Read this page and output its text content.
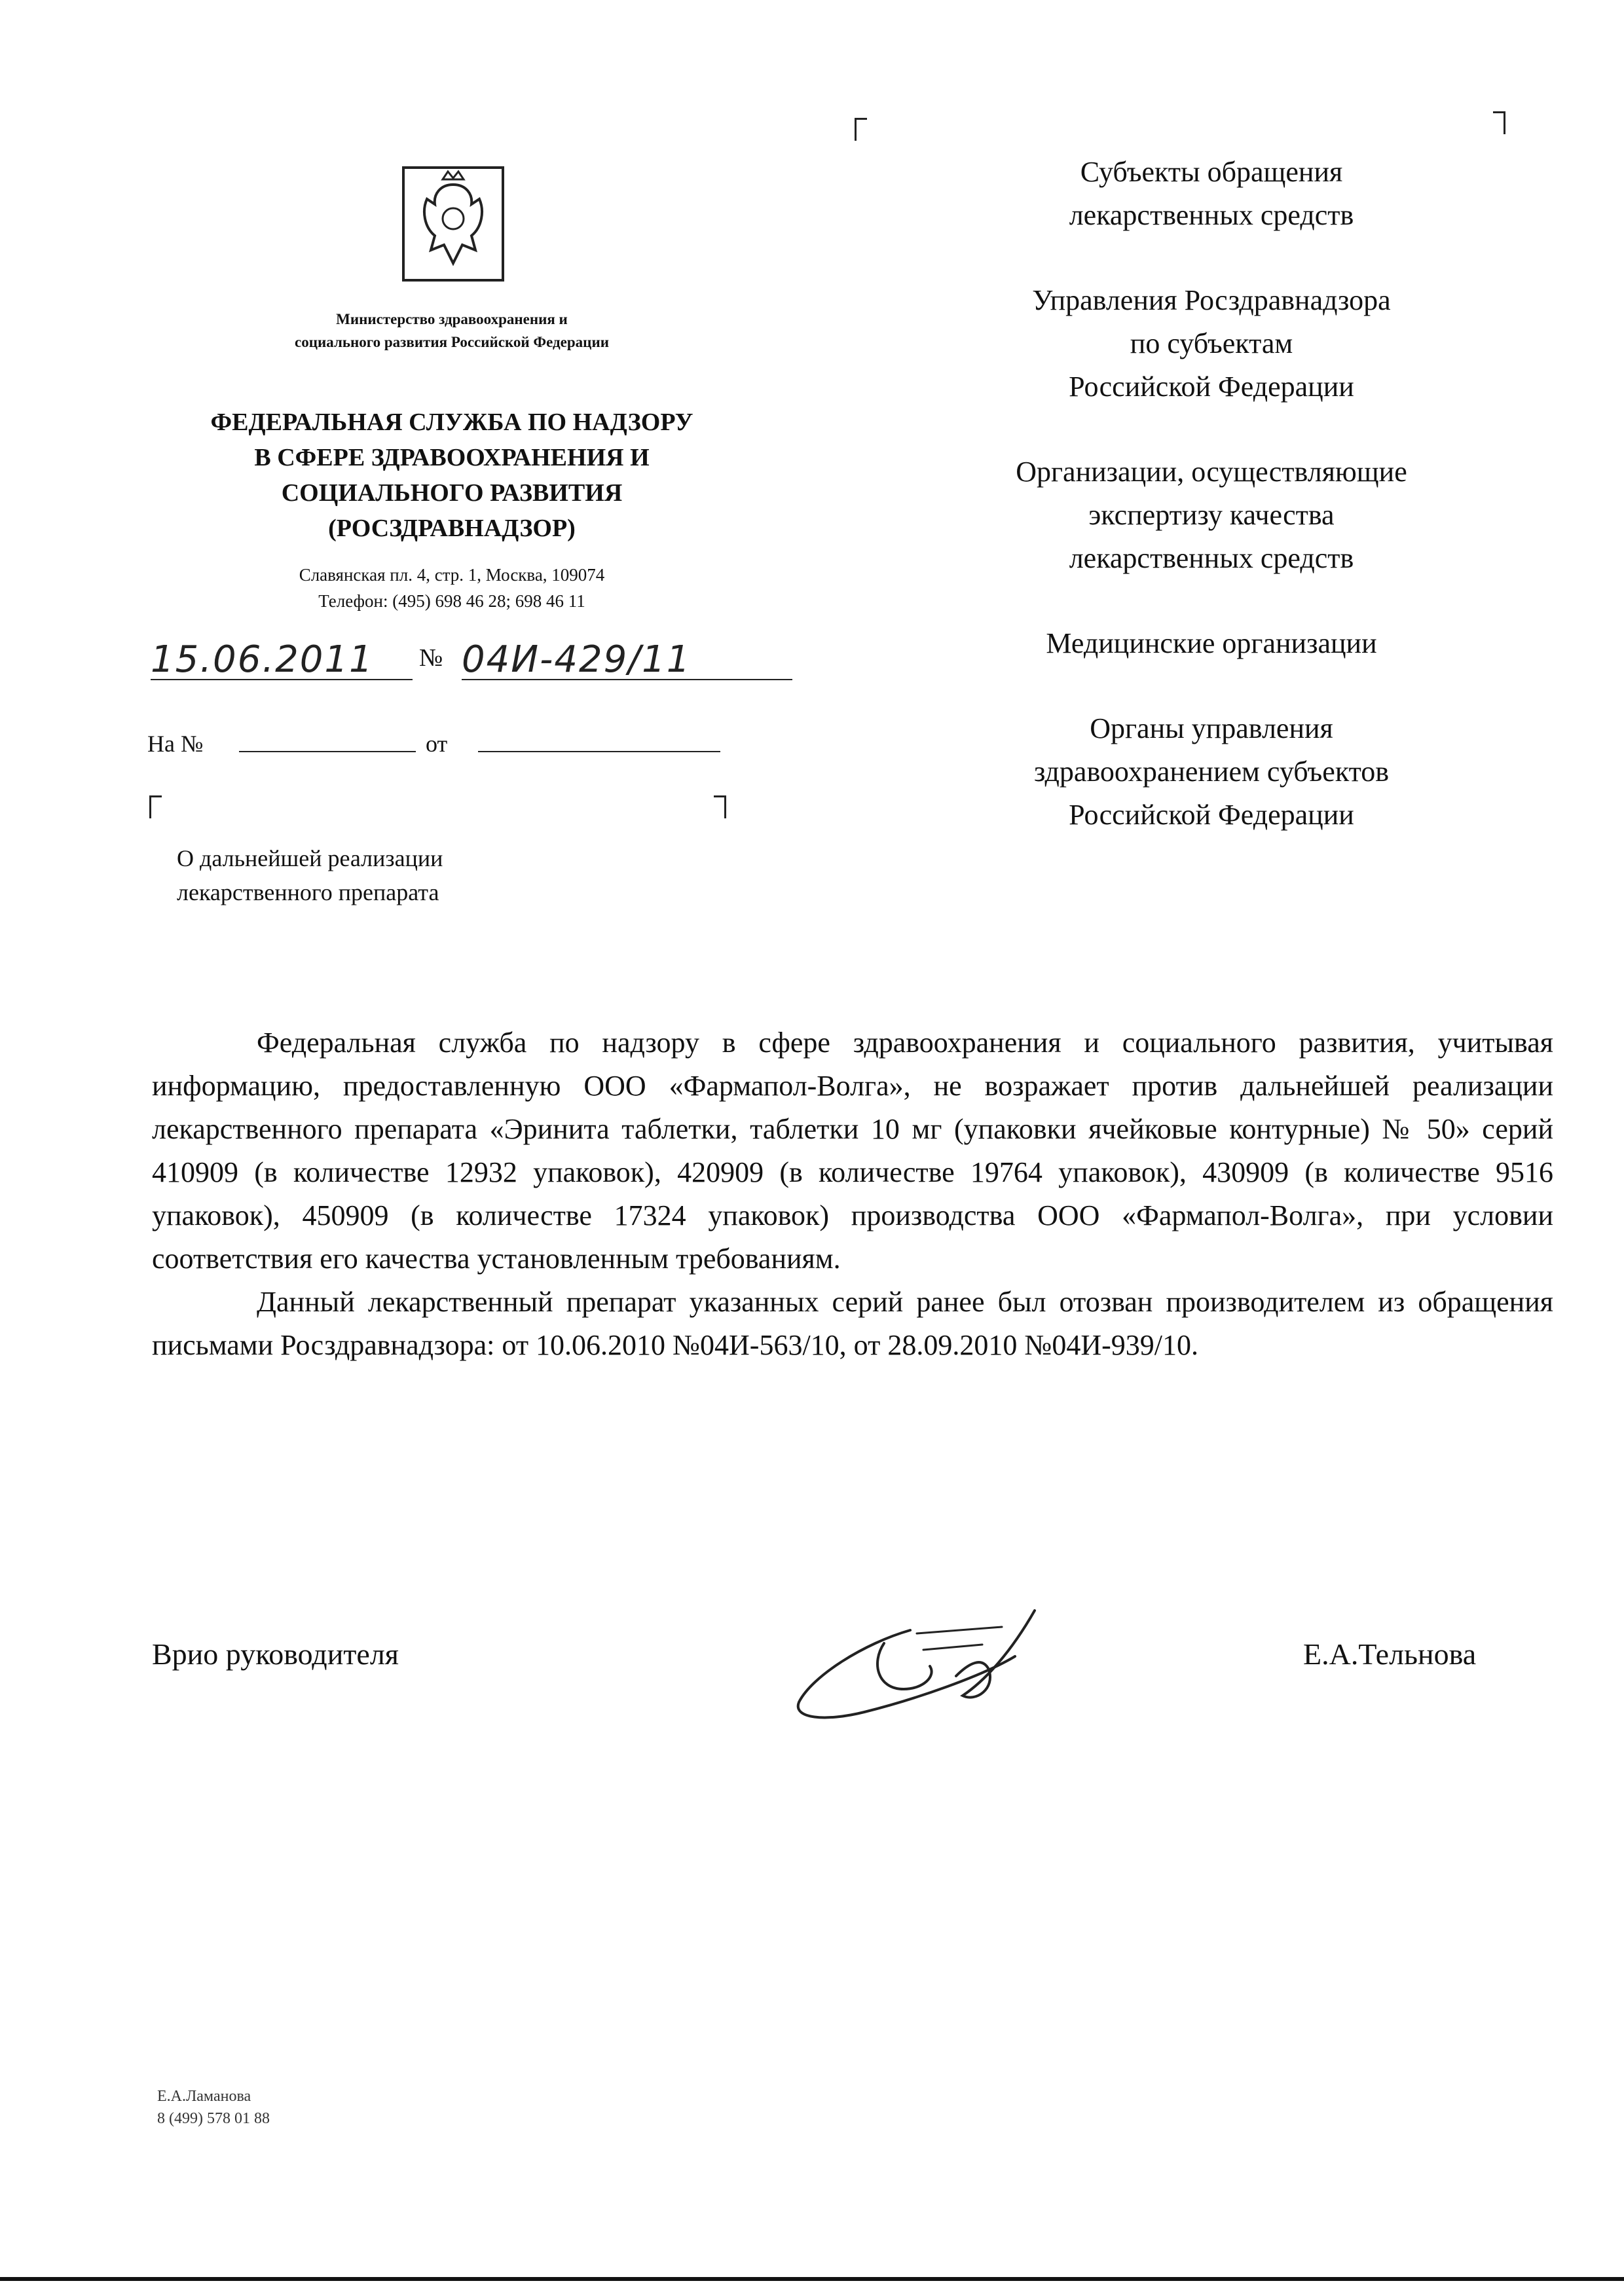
Министерство здравоохранения и
социального развития Российской Федерации
ФЕДЕРАЛЬНАЯ СЛУЖБА ПО НАДЗОРУ
В СФЕРЕ ЗДРАВООХРАНЕНИЯ И
СОЦИАЛЬНОГО РАЗВИТИЯ
(РОСЗДРАВНАДЗОР)
Славянская пл. 4, стр. 1, Москва, 109074
Телефон: (495) 698 46 28; 698 46 11
15.06.2011	№ 04И-429/11
На №	от
О дальнейшей реализации
лекарственного препарата
Субъекты обращения
лекарственных средств
Управления Росздравнадзора
по субъектам
Российской Федерации
Организации, осуществляющие
экспертизу качества
лекарственных средств
Медицинские организации
Органы управления
здравоохранением субъектов
Российской Федерации

Федеральная служба по надзору в сфере здравоохранения и социального развития, учитывая информацию, предоставленную ООО «Фармапол-Волга», не возражает против дальнейшей реализации лекарственного препарата «Эринита таблетки, таблетки 10 мг (упаковки ячейковые контурные) № 50» серий 410909 (в количестве 12932 упаковок), 420909 (в количестве 19764 упаковок), 430909 (в количестве 9516 упаковок), 450909 (в количестве 17324 упаковок) производства ООО «Фармапол-Волга», при условии соответствия его качества установленным требованиям.

Данный лекарственный препарат указанных серий ранее был отозван производителем из обращения письмами Росздравнадзора: от 10.06.2010 №04И-563/10, от 28.09.2010 №04И-939/10.

Врио руководителя	Е.А.Тельнова
Е.А.Ламанова
8 (499) 578 01 88
